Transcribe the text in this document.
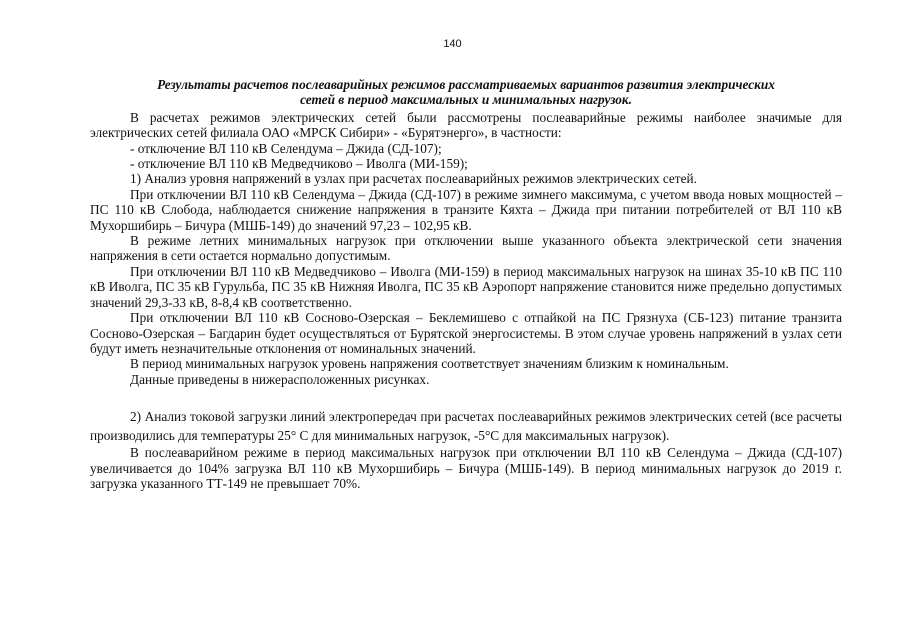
140
Результаты расчетов послеаварийных режимов рассматриваемых вариантов развития электрических
сетей в период максимальных и минимальных нагрузок.

В расчетах режимов электрических сетей были рассмотрены послеаварийные режимы наиболее значимые для электрических сетей филиала ОАО «МРСК Сибири» - «Бурятэнерго», в частности:

- отключение ВЛ 110 кВ Селендума – Джида (СД-107);

- отключение ВЛ 110 кВ Медведчиково – Иволга (МИ-159);

1) Анализ уровня напряжений в узлах при расчетах послеаварийных режимов электрических сетей.

При отключении ВЛ 110 кВ Селендума – Джида (СД-107) в режиме зимнего максимума, с учетом ввода новых мощностей – ПС 110 кВ Слобода, наблюдается снижение напряжения в транзите Кяхта – Джида при питании потребителей от ВЛ 110 кВ Мухоршибирь – Бичура (МШБ-149) до значений 97,23 – 102,95 кВ.

В режиме летних минимальных нагрузок при отключении выше указанного объекта электрической сети значения напряжения в сети остается нормально допустимым.

При отключении ВЛ 110 кВ Медведчиково – Иволга (МИ-159) в период максимальных нагрузок на шинах 35-10 кВ ПС 110 кВ Иволга, ПС 35 кВ Гурульба, ПС 35 кВ Нижняя Иволга, ПС 35 кВ Аэропорт напряжение становится ниже предельно допустимых значений 29,3-33 кВ, 8-8,4 кВ соответственно.

При отключении ВЛ 110 кВ Сосново-Озерская – Беклемишево с отпайкой на ПС Грязнуха (СБ-123) питание транзита Сосново-Озерская – Багдарин будет осуществляться от Бурятской энергосистемы. В этом случае уровень напряжений в узлах сети будут иметь незначительные отклонения от номинальных значений.

В период минимальных нагрузок уровень напряжения соответствует значениям близким к номинальным.

Данные приведены в нижерасположенных рисунках.

2) Анализ токовой загрузки линий электропередач при расчетах послеаварийных режимов электрических сетей (все расчеты производились для температуры 25° С для минимальных нагрузок, -5°С для максимальных нагрузок).

В послеаварийном режиме в период максимальных нагрузок при отключении ВЛ 110 кВ Селендума – Джида (СД-107) увеличивается до 104% загрузка ВЛ 110 кВ Мухоршибирь – Бичура (МШБ-149). В период минимальных нагрузок до 2019 г. загрузка указанного ТТ-149 не превышает 70%.
